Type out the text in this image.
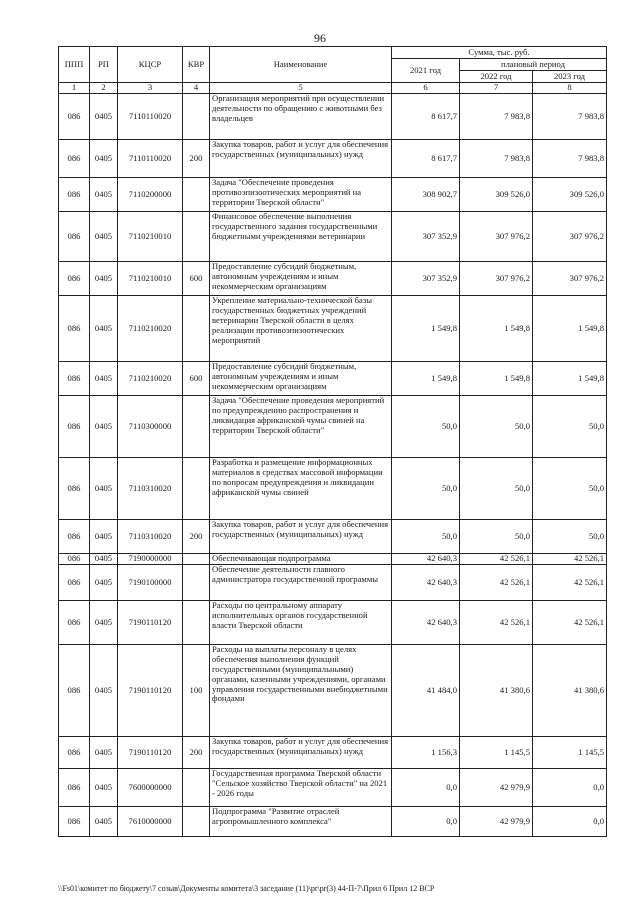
96
ППП	РП	КЦСР	КВР	Наименование	Сумма, тыс. руб.		
					2021 год	плановый период	
						2022 год	2023 год
1	2	3	4	5	6	7	8
086	0405	7110110020		Организация мероприятий при осуществлении деятельности по обращению с животными без владельцев	8 617,7	7 983,8	7 983,8
086	0405	7110110020	200	Закупка товаров, работ и услуг для обеспечения государственных (муниципальных) нужд	8 617,7	7 983,8	7 983,8
086	0405	7110200000		Задача "Обеспечение проведения противоэпизоотических мероприятий на территории Тверской области"	308 902,7	309 526,0	309 526,0
086	0405	7110210010		Финансовое обеспечение выполнения государственного задания государственными бюджетными учреждениями ветеринарии	307 352,9	307 976,2	307 976,2
086	0405	7110210010	600	Предоставление субсидий бюджетным, автономным учреждениям и иным некоммерческим организациям	307 352,9	307 976,2	307 976,2
086	0405	7110210020		Укрепление материально-технической базы государственных бюджетных учреждений ветеринарии Тверской области в целях реализации противоэпизоотических мероприятий	1 549,8	1 549,8	1 549,8
086	0405	7110210020	600	Предоставление субсидий бюджетным, автономным учреждениям и иным некоммерческим организациям	1 549,8	1 549,8	1 549,8
086	0405	7110300000		Задача "Обеспечение проведения мероприятий по предупреждению распространения и ликвидация африканской чумы свиней на территории Тверской области"	50,0	50,0	50,0
086	0405	7110310020		Разработка и размещение информационных материалов в средствах массовой информации по вопросам предупреждения и ликвидации африканской чумы свиней	50,0	50,0	50,0
086	0405	7110310020	200	Закупка товаров, работ и услуг для обеспечения государственных (муниципальных) нужд	50,0	50,0	50,0
086	0405	7190000000		Обеспечивающая подпрограмма	42 640,3	42 526,1	42 526,1
086	0405	7190100000		Обеспечение деятельности главного администратора государственной программы	42 640,3	42 526,1	42 526,1
086	0405	7190110120		Расходы по центральному аппарату исполнительных органов государственной власти Тверской области	42 640,3	42 526,1	42 526,1
086	0405	7190110120	100	Расходы на выплаты персоналу в целях обеспечения выполнения функций государственными (муниципальными) органами, казенными учреждениями, органами управления государственными внебюджетными фондами	41 484,0	41 380,6	41 380,6
086	0405	7190110120	200	Закупка товаров, работ и услуг для обеспечения государственных (муниципальных) нужд	1 156,3	1 145,5	1 145,5
086	0405	7600000000		Государственная программа Тверской области "Сельское хозяйство Тверской области" на 2021 - 2026 годы	0,0	42 979,9	0,0
086	0405	7610000000		Подпрограмма "Развитие отраслей агропромышленного комплекса"	0,0	42 979,9	0,0
\\Fs01\комитет по бюджету\7 созыв\Документы комитета\3 заседание (11)\pr\pr(3) 44-П-7\Прил 6 Прил 12 ВСР
